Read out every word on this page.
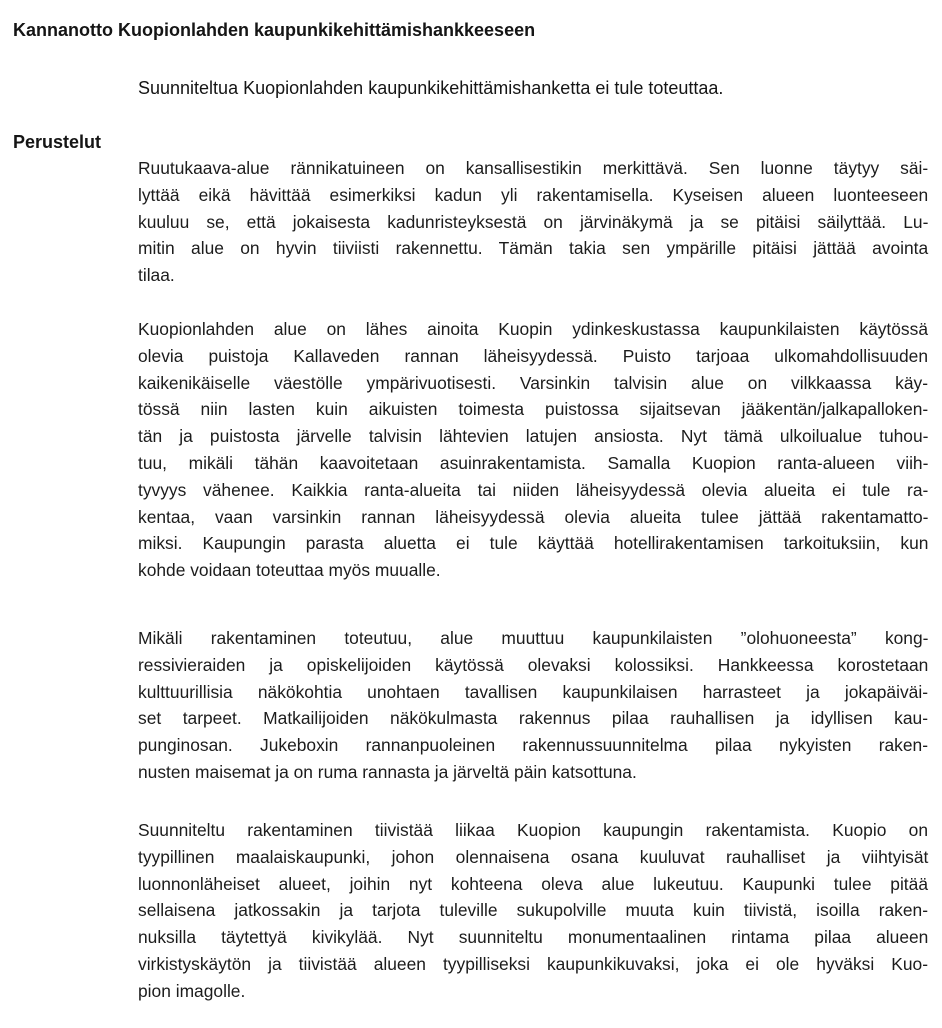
Kannanotto Kuopionlahden kaupunkikehittämishankkeeseen
Suunniteltua Kuopionlahden kaupunkikehittämishanketta ei tule toteuttaa.
Perustelut
Ruutukaava-alue rännikatuineen on kansallisestikin merkittävä. Sen luonne täytyy säi-
lyttää eikä hävittää esimerkiksi kadun yli rakentamisella. Kyseisen alueen luonteeseen
kuuluu se, että jokaisesta kadunristeyksestä on järvinäkymä ja se pitäisi säilyttää. Lu-
mitin alue on hyvin tiiviisti rakennettu. Tämän takia sen ympärille pitäisi jättää avointa
tilaa.
Kuopionlahden alue on lähes ainoita Kuopin ydinkeskustassa kaupunkilaisten käytössä
olevia puistoja Kallaveden rannan läheisyydessä. Puisto tarjoaa ulkomahdollisuuden
kaikenikäiselle väestölle ympärivuotisesti. Varsinkin talvisin alue on vilkkaassa käy-
tössä niin lasten kuin aikuisten toimesta puistossa sijaitsevan jääkentän/jalkapalloken-
tän ja puistosta järvelle talvisin lähtevien latujen ansiosta. Nyt tämä ulkoilualue tuhou-
tuu, mikäli tähän kaavoitetaan asuinrakentamista. Samalla Kuopion ranta-alueen viih-
tyvyys vähenee. Kaikkia ranta-alueita tai niiden läheisyydessä olevia alueita ei tule ra-
kentaa, vaan varsinkin rannan läheisyydessä olevia alueita tulee jättää rakentamatto-
miksi. Kaupungin parasta aluetta ei tule käyttää hotellirakentamisen tarkoituksiin, kun
kohde voidaan toteuttaa myös muualle.
Mikäli rakentaminen toteutuu, alue muuttuu kaupunkilaisten ”olohuoneesta” kong-
ressivieraiden ja opiskelijoiden käytössä olevaksi kolossiksi. Hankkeessa korostetaan
kulttuurillisia näkökohtia unohtaen tavallisen kaupunkilaisen harrasteet ja jokapäiväi-
set tarpeet. Matkailijoiden näkökulmasta rakennus pilaa rauhallisen ja idyllisen kau-
punginosan. Jukeboxin rannanpuoleinen rakennussuunnitelma pilaa nykyisten raken-
nusten maisemat ja on ruma rannasta ja järveltä päin katsottuna.
Suunniteltu rakentaminen tiivistää liikaa Kuopion kaupungin rakentamista. Kuopio on
tyypillinen maalaiskaupunki, johon olennaisena osana kuuluvat rauhalliset ja viihtyisät
luonnonläheiset alueet, joihin nyt kohteena oleva alue lukeutuu. Kaupunki tulee pitää
sellaisena jatkossakin ja tarjota tuleville sukupolville muuta kuin tiivistä, isoilla raken-
nuksilla täytettyä kivikylää. Nyt suunniteltu monumentaalinen rintama pilaa alueen
virkistyskäytön ja tiivistää alueen tyypilliseksi kaupunkikuvaksi, joka ei ole hyväksi Kuo-
pion imagolle.
